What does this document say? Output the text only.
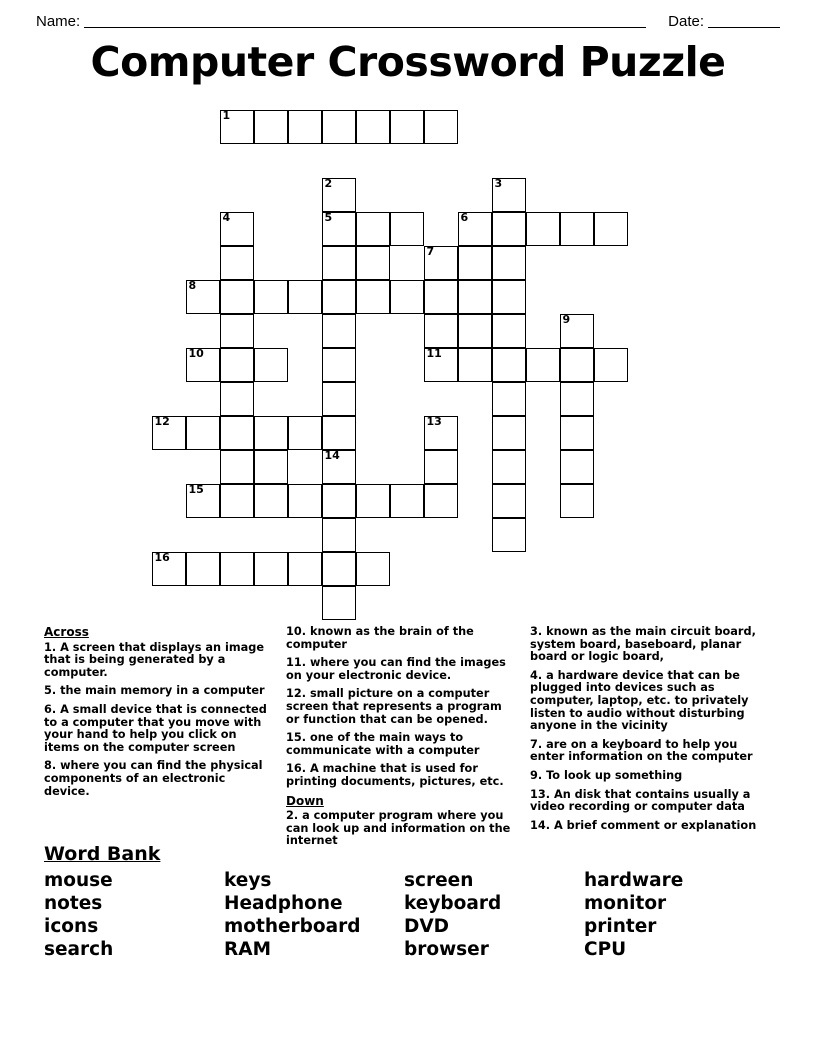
Name:	Date:
Computer Crossword Puzzle
1
2	3
4	5	6
7
8
9
10	11
12	13
14
15
16
Across
1. A screen that displays an image that is being generated by a computer.
5. the main memory in a computer
6. A small device that is connected to a computer that you move with your hand to help you click on items on the computer screen
8. where you can find the physical components of an electronic device.
10. known as the brain of the computer
11. where you can find the images on your electronic device.
12. small picture on a computer screen that represents a program or function that can be opened.
15. one of the main ways to communicate with a computer
16. A machine that is used for printing documents, pictures, etc.
Down
2. a computer program where you can look up and information on the internet
3. known as the main circuit board, system board, baseboard, planar board or logic board,
4. a hardware device that can be plugged into devices such as computer, laptop, etc. to privately listen to audio without disturbing anyone in the vicinity
7. are on a keyboard to help you enter information on the computer
9. To look up something
13. An disk that contains usually a video recording or computer data
14. A brief comment or explanation
Word Bank
mouse	keys	screen	hardware
notes	Headphone	keyboard	monitor
icons	motherboard	DVD	printer
search	RAM	browser	CPU
